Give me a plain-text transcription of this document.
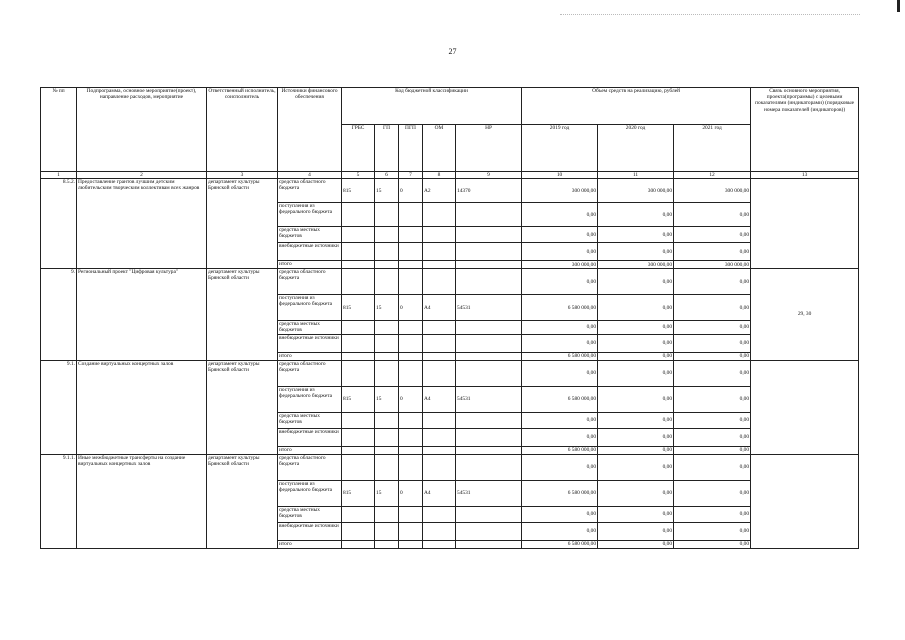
27
№ пп	Подпрограмма, основное мероприятие(проект), направление расходов, мероприятие	Ответственный исполнитель, соисполнитель	Источники финансового обеспечения	Код бюджетной классификации					Объем средств на реализацию, рублей			Связь основного мероприятия, проекта(программы) с целевыми показателями (индикаторами) (порядковые номера показателей (индикаторов))
				ГРБС	ГП	ПГП	ОМ	НР	2019 год	2020 год	2021 год	
1	2	3	4	5	6	7	8	9	10	11	12	13
8.5.2.	Предоставление грантов лучшим детским любительским творческим коллективам всех жанров	департамент культуры Брянской области	средства областного бюджета	815	15	0	А2	14370	300 000,00	300 000,00	300 000,00	
			поступления из федерального бюджета						0,00	0,00	0,00	
			средства местных бюджетов						0,00	0,00	0,00	
			внебюджетные источники						0,00	0,00	0,00	
			итого						300 000,00	300 000,00	300 000,00	
9.	Региональный проект "Цифровая культура"	департамент культуры Брянской области	средства областного бюджета						0,00	0,00	0,00	29, 30
			поступления из федерального бюджета	815	15	0	А4	54531	6 580 000,00	0,00	0,00	
			средства местных бюджетов						0,00	0,00	0,00	
			внебюджетные источники						0,00	0,00	0,00	
			итого						6 580 000,00	0,00	0,00	
9.1.	Создание виртуальных концертных залов	департамент культуры Брянской области	средства областного бюджета						0,00	0,00	0,00	
			поступления из федерального бюджета	815	15	0	А4	54531	6 580 000,00	0,00	0,00	
			средства местных бюджетов						0,00	0,00	0,00	
			внебюджетные источники						0,00	0,00	0,00	
			итого						6 580 000,00	0,00	0,00	
9.1.1.	Иные межбюджетные трансферты на создание виртуальных концертных залов	департамент культуры Брянской области	средства областного бюджета						0,00	0,00	0,00	
			поступления из федерального бюджета	815	15	0	А4	54531	6 580 000,00	0,00	0,00	
			средства местных бюджетов						0,00	0,00	0,00	
			внебюджетные источники						0,00	0,00	0,00	
			итого						6 580 000,00	0,00	0,00	
